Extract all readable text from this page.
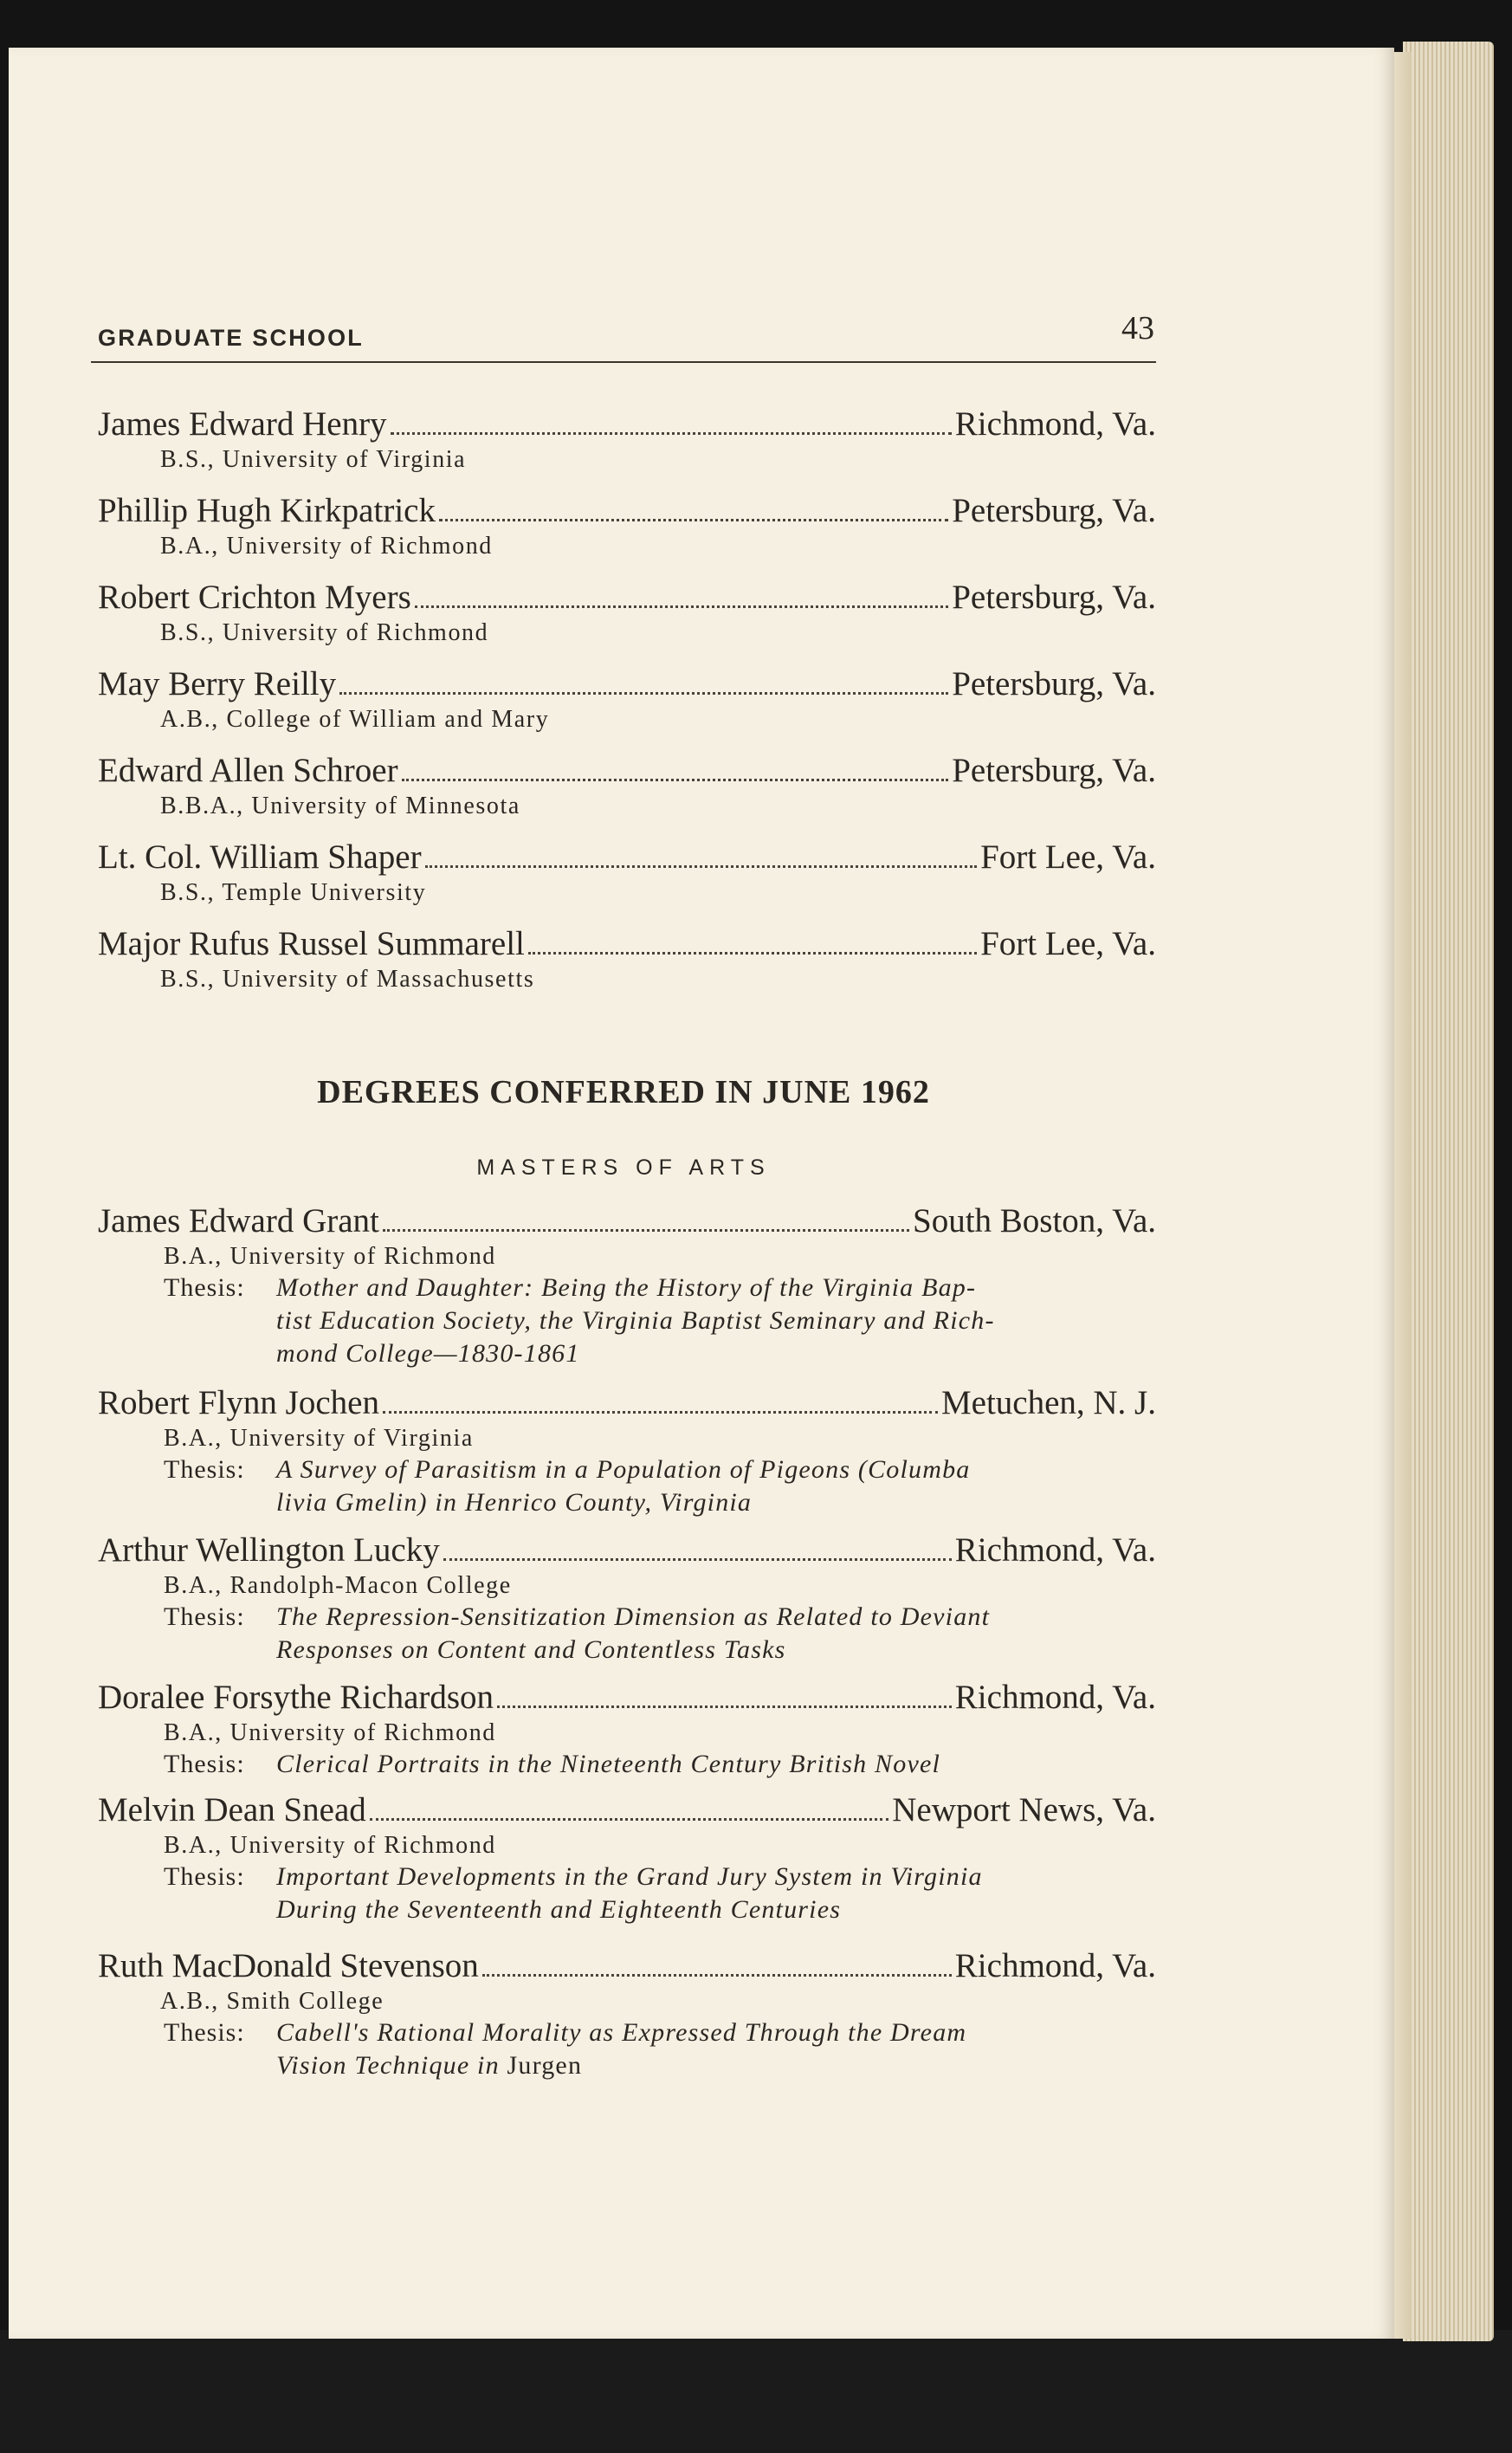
GRADUATE SCHOOL	43
James Edward Henry	Richmond, Va.
B.S., University of Virginia
Phillip Hugh Kirkpatrick	Petersburg, Va.
B.A., University of Richmond
Robert Crichton Myers	Petersburg, Va.
B.S., University of Richmond
May Berry Reilly	Petersburg, Va.
A.B., College of William and Mary
Edward Allen Schroer	Petersburg, Va.
B.B.A., University of Minnesota
Lt. Col. William Shaper	Fort Lee, Va.
B.S., Temple University
Major Rufus Russel Summarell	Fort Lee, Va.
B.S., University of Massachusetts
DEGREES CONFERRED IN JUNE 1962
MASTERS OF ARTS
James Edward Grant	South Boston, Va.
B.A., University of Richmond
Thesis:	Mother and Daughter: Being the History of the Virginia Bap-
tist Education Society, the Virginia Baptist Seminary and Rich-
mond College—1830-1861
Robert Flynn Jochen	Metuchen, N. J.
B.A., University of Virginia
Thesis:	A Survey of Parasitism in a Population of Pigeons (Columba
livia Gmelin) in Henrico County, Virginia
Arthur Wellington Lucky	Richmond, Va.
B.A., Randolph-Macon College
Thesis:	The Repression-Sensitization Dimension as Related to Deviant
Responses on Content and Contentless Tasks
Doralee Forsythe Richardson	Richmond, Va.
B.A., University of Richmond
Thesis:	Clerical Portraits in the Nineteenth Century British Novel
Melvin Dean Snead	Newport News, Va.
B.A., University of Richmond
Thesis:	Important Developments in the Grand Jury System in Virginia
During the Seventeenth and Eighteenth Centuries
Ruth MacDonald Stevenson	Richmond, Va.
A.B., Smith College
Thesis:	Cabell's Rational Morality as Expressed Through the Dream
Vision Technique in Jurgen
